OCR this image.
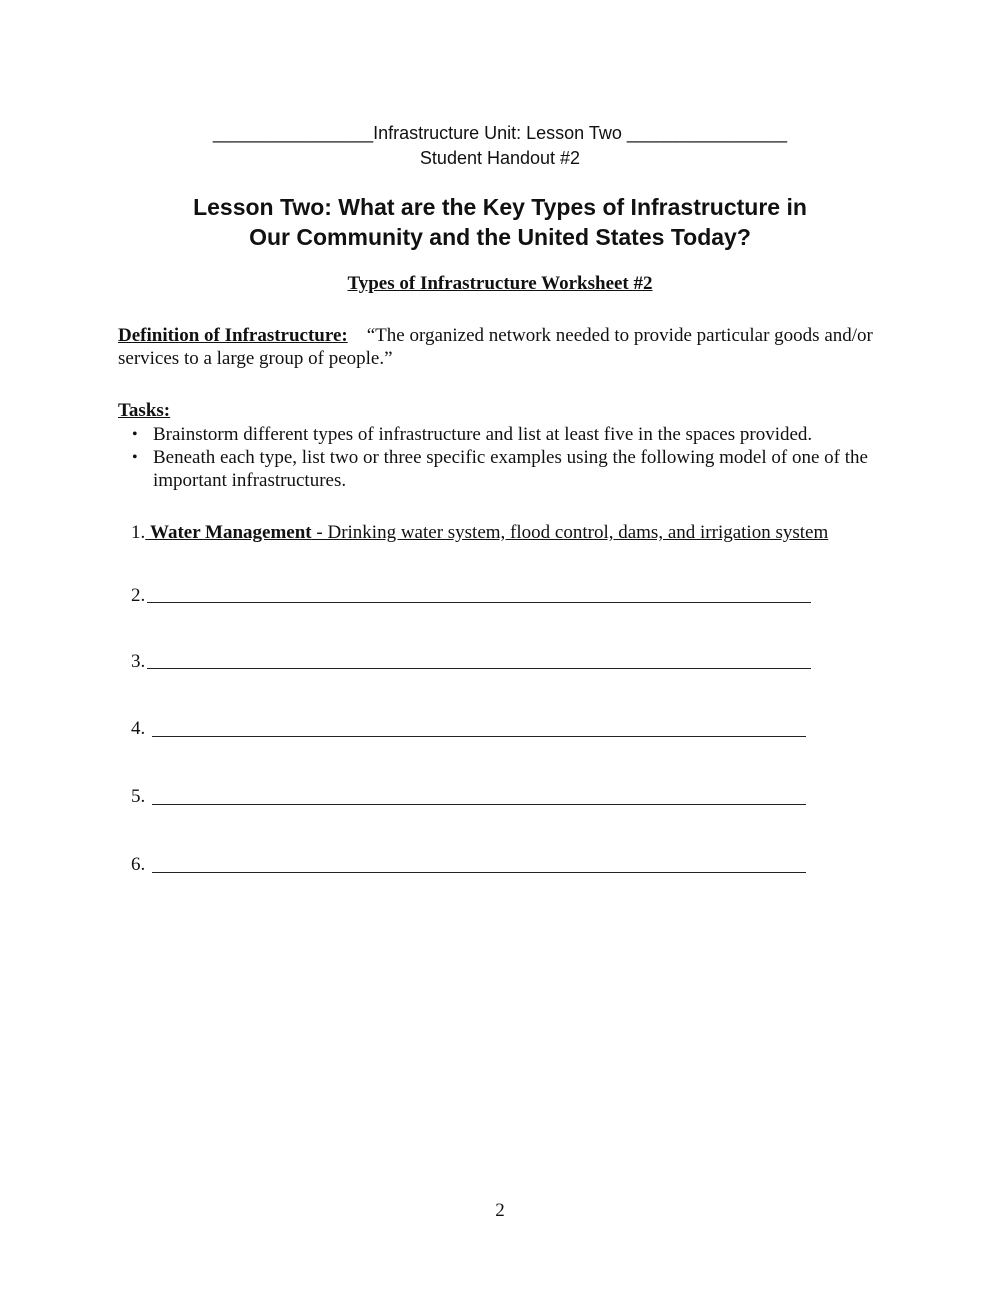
________________Infrastructure Unit: Lesson Two ________________
Student Handout #2
Lesson Two: What are the Key Types of Infrastructure in
Our Community and the United States Today?
Types of Infrastructure Worksheet #2
Definition of Infrastructure: “The organized network needed to provide particular goods and/or services to a large group of people.”
Tasks:
• Brainstorm different types of infrastructure and list at least five in the spaces provided.
• Beneath each type, list two or three specific examples using the following model of one of the important infrastructures.
1. Water Management - Drinking water system, flood control, dams, and irrigation system
2.
3.
4.
5.
6.
2
